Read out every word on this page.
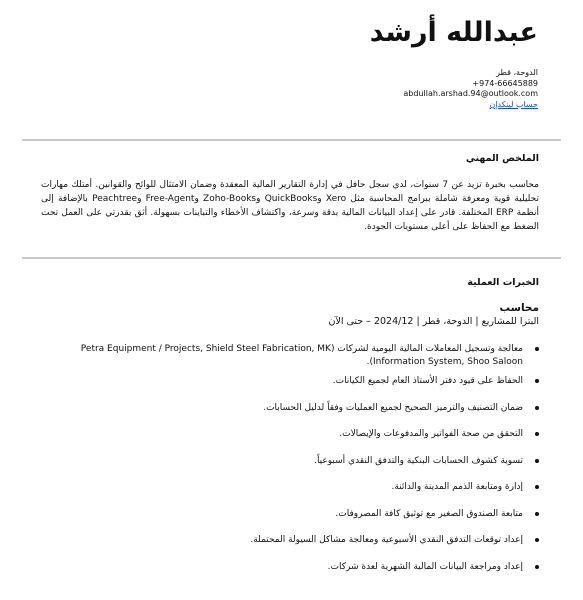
عبدالله أرشد
الدوحة، قطر
+974-66645889
abdullah.arshad.94@outlook.com
حساب لينكدإن
الملخص المهني

محاسب بخبرة تزيد عن 7 سنوات، لدي سجل حافل في إدارة التقارير المالية المعقدة وضمان الامتثال للوائح والقوانين. أمتلك مهارات تحليلية قوية ومعرفة شاملة ببرامج المحاسبة مثل Xero وQuickBooks وZoho-Books وFree-Agent وPeachtree بالإضافة إلى أنظمة ERP المختلفة. قادر على إعداد البيانات المالية بدقة وسرعة، واكتشاف الأخطاء والتباينات بسهولة. أثق بقدرتي على العمل تحت الضغط مع الحفاظ على أعلى مستويات الجودة.

الخبرات العملية
محاسب
البترا للمشاريع | الدوحة، قطر | 2024/12 – حتى الآن
معالجة وتسجيل المعاملات المالية اليومية لشركات (Petra Equipment / Projects, Shield Steel Fabrication, MK Information System, Shoo Saloon).
الحفاظ على قيود دفتر الأستاذ العام لجميع الكيانات.
ضمان التصنيف والترميز الصحيح لجميع العمليات وفقاً لدليل الحسابات.
التحقق من صحة الفواتير والمدفوعات والإيصالات.
تسوية كشوف الحسابات البنكية والتدفق النقدي أسبوعياً.
إدارة ومتابعة الذمم المدينة والدائنة.
متابعة الصندوق الصغير مع توثيق كافة المصروفات.
إعداد توقعات التدفق النقدي الأسبوعية ومعالجة مشاكل السيولة المحتملة.
إعداد ومراجعة البيانات المالية الشهرية لعدة شركات.
